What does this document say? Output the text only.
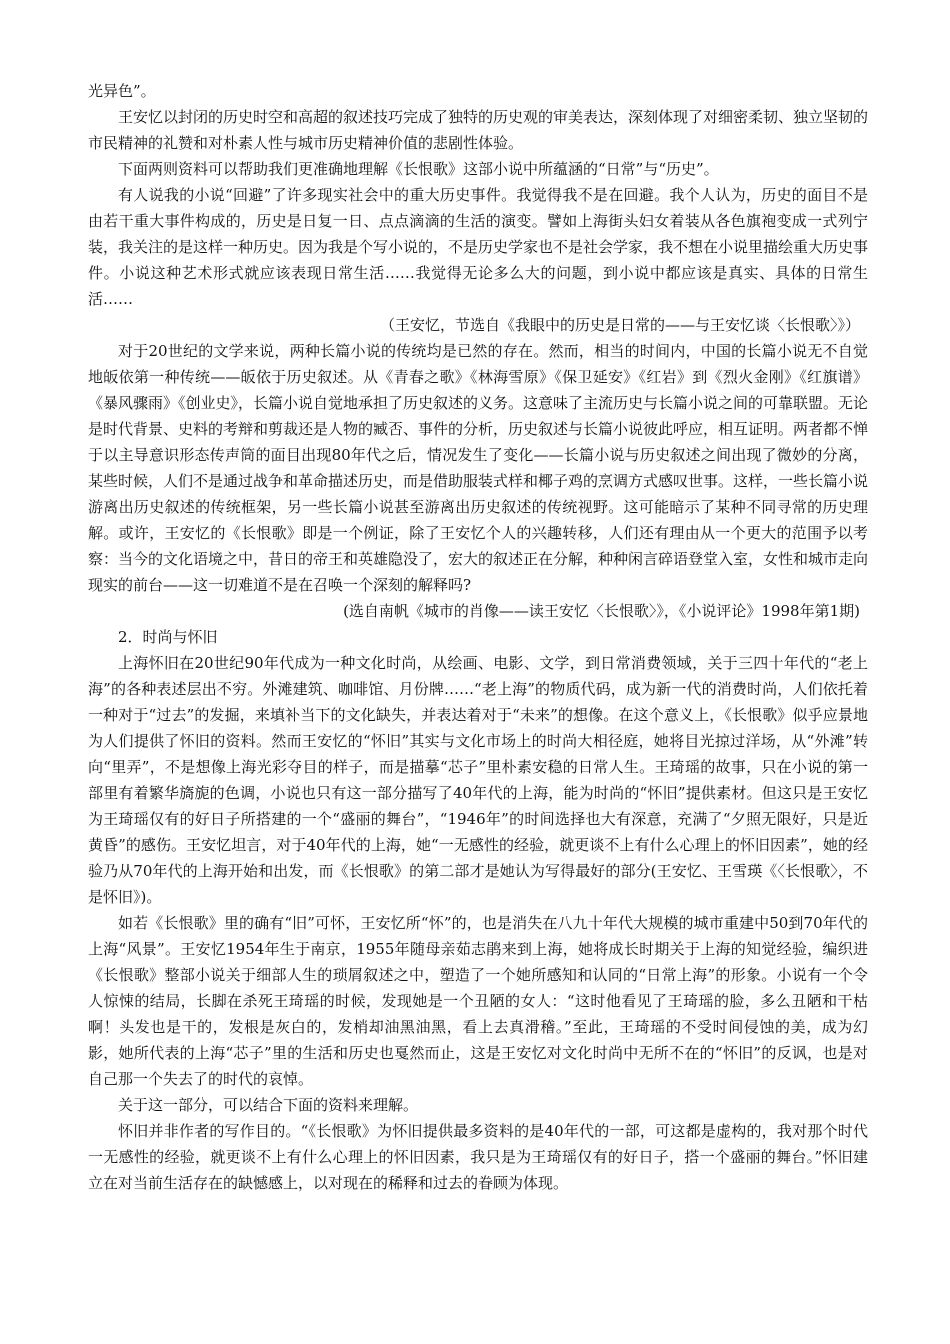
光异色”。

王安忆以封闭的历史时空和高超的叙述技巧完成了独特的历史观的审美表达，深刻体现了对细密柔韧、独立坚韧的市民精神的礼赞和对朴素人性与城市历史精神价值的悲剧性体验。

下面两则资料可以帮助我们更准确地理解《长恨歌》这部小说中所蕴涵的“日常”与“历史”。

有人说我的小说“回避”了许多现实社会中的重大历史事件。我觉得我不是在回避。我个人认为，历史的面目不是由若干重大事件构成的，历史是日复一日、点点滴滴的生活的演变。譬如上海街头妇女着装从各色旗袍变成一式列宁装，我关注的是这样一种历史。因为我是个写小说的，不是历史学家也不是社会学家，我不想在小说里描绘重大历史事件。小说这种艺术形式就应该表现日常生活……我觉得无论多么大的问题，到小说中都应该是真实、具体的日常生活……

（王安忆，节选自《我眼中的历史是日常的——与王安忆谈〈长恨歌〉》）

对于20世纪的文学来说，两种长篇小说的传统均是已然的存在。然而，相当的时间内，中国的长篇小说无不自觉地皈依第一种传统——皈依于历史叙述。从《青春之歌》《林海雪原》《保卫延安》《红岩》到《烈火金刚》《红旗谱》《暴风骤雨》《创业史》，长篇小说自觉地承担了历史叙述的义务。这意味了主流历史与长篇小说之间的可靠联盟。无论是时代背景、史料的考辩和剪裁还是人物的臧否、事件的分析，历史叙述与长篇小说彼此呼应，相互证明。两者都不惮于以主导意识形态传声筒的面目出现80年代之后，情况发生了变化——长篇小说与历史叙述之间出现了微妙的分离，某些时候，人们不是通过战争和革命描述历史，而是借助服装式样和椰子鸡的烹调方式感叹世事。这样，一些长篇小说游离出历史叙述的传统框架，另一些长篇小说甚至游离出历史叙述的传统视野。这可能暗示了某种不同寻常的历史理解。或许，王安忆的《长恨歌》即是一个例证，除了王安忆个人的兴趣转移，人们还有理由从一个更大的范围予以考察：当今的文化语境之中，昔日的帝王和英雄隐没了，宏大的叙述正在分解，种种闲言碎语登堂入室，女性和城市走向现实的前台——这一切难道不是在召唤一个深刻的解释吗?

(选自南帆《城市的肖像——读王安忆〈长恨歌〉》，《小说评论》1998年第1期)

2．时尚与怀旧

上海怀旧在20世纪90年代成为一种文化时尚，从绘画、电影、文学，到日常消费领域，关于三四十年代的“老上海”的各种表述层出不穷。外滩建筑、咖啡馆、月份牌……“老上海”的物质代码，成为新一代的消费时尚，人们依托着一种对于“过去”的发掘，来填补当下的文化缺失，并表达着对于“未来”的想像。在这个意义上，《长恨歌》似乎应景地为人们提供了怀旧的资料。然而王安忆的“怀旧”其实与文化市场上的时尚大相径庭，她将目光掠过洋场，从“外滩”转向“里弄”，不是想像上海光彩夺目的样子，而是描摹“芯子”里朴素安稳的日常人生。王琦瑶的故事，只在小说的第一部里有着繁华旖旎的色调，小说也只有这一部分描写了40年代的上海，能为时尚的“怀旧”提供素材。但这只是王安忆为王琦瑶仅有的好日子所搭建的一个“盛丽的舞台”，“1946年”的时间选择也大有深意，充满了“夕照无限好，只是近黄昏”的感伤。王安忆坦言，对于40年代的上海，她“一无感性的经验，就更谈不上有什么心理上的怀旧因素”，她的经验乃从70年代的上海开始和出发，而《长恨歌》的第二部才是她认为写得最好的部分(王安忆、王雪瑛《〈长恨歌〉，不是怀旧》)。

如若《长恨歌》里的确有“旧”可怀，王安忆所“怀”的，也是消失在八九十年代大规模的城市重建中50到70年代的上海“风景”。王安忆1954年生于南京，1955年随母亲茹志鹃来到上海，她将成长时期关于上海的知觉经验，编织进《长恨歌》整部小说关于细部人生的琐屑叙述之中，塑造了一个她所感知和认同的“日常上海”的形象。小说有一个令人惊悚的结局，长脚在杀死王琦瑶的时候，发现她是一个丑陋的女人：“这时他看见了王琦瑶的脸，多么丑陋和干枯啊！头发也是干的，发根是灰白的，发梢却油黑油黑，看上去真滑稽。”至此，王琦瑶的不受时间侵蚀的美，成为幻影，她所代表的上海“芯子”里的生活和历史也戛然而止，这是王安忆对文化时尚中无所不在的“怀旧”的反讽，也是对自己那一个失去了的时代的哀悼。

关于这一部分，可以结合下面的资料来理解。

怀旧并非作者的写作目的。“《长恨歌》为怀旧提供最多资料的是40年代的一部，可这都是虚构的，我对那个时代一无感性的经验，就更谈不上有什么心理上的怀旧因素，我只是为王琦瑶仅有的好日子，搭一个盛丽的舞台。”怀旧建立在对当前生活存在的缺憾感上，以对现在的稀释和过去的眷顾为体现。
